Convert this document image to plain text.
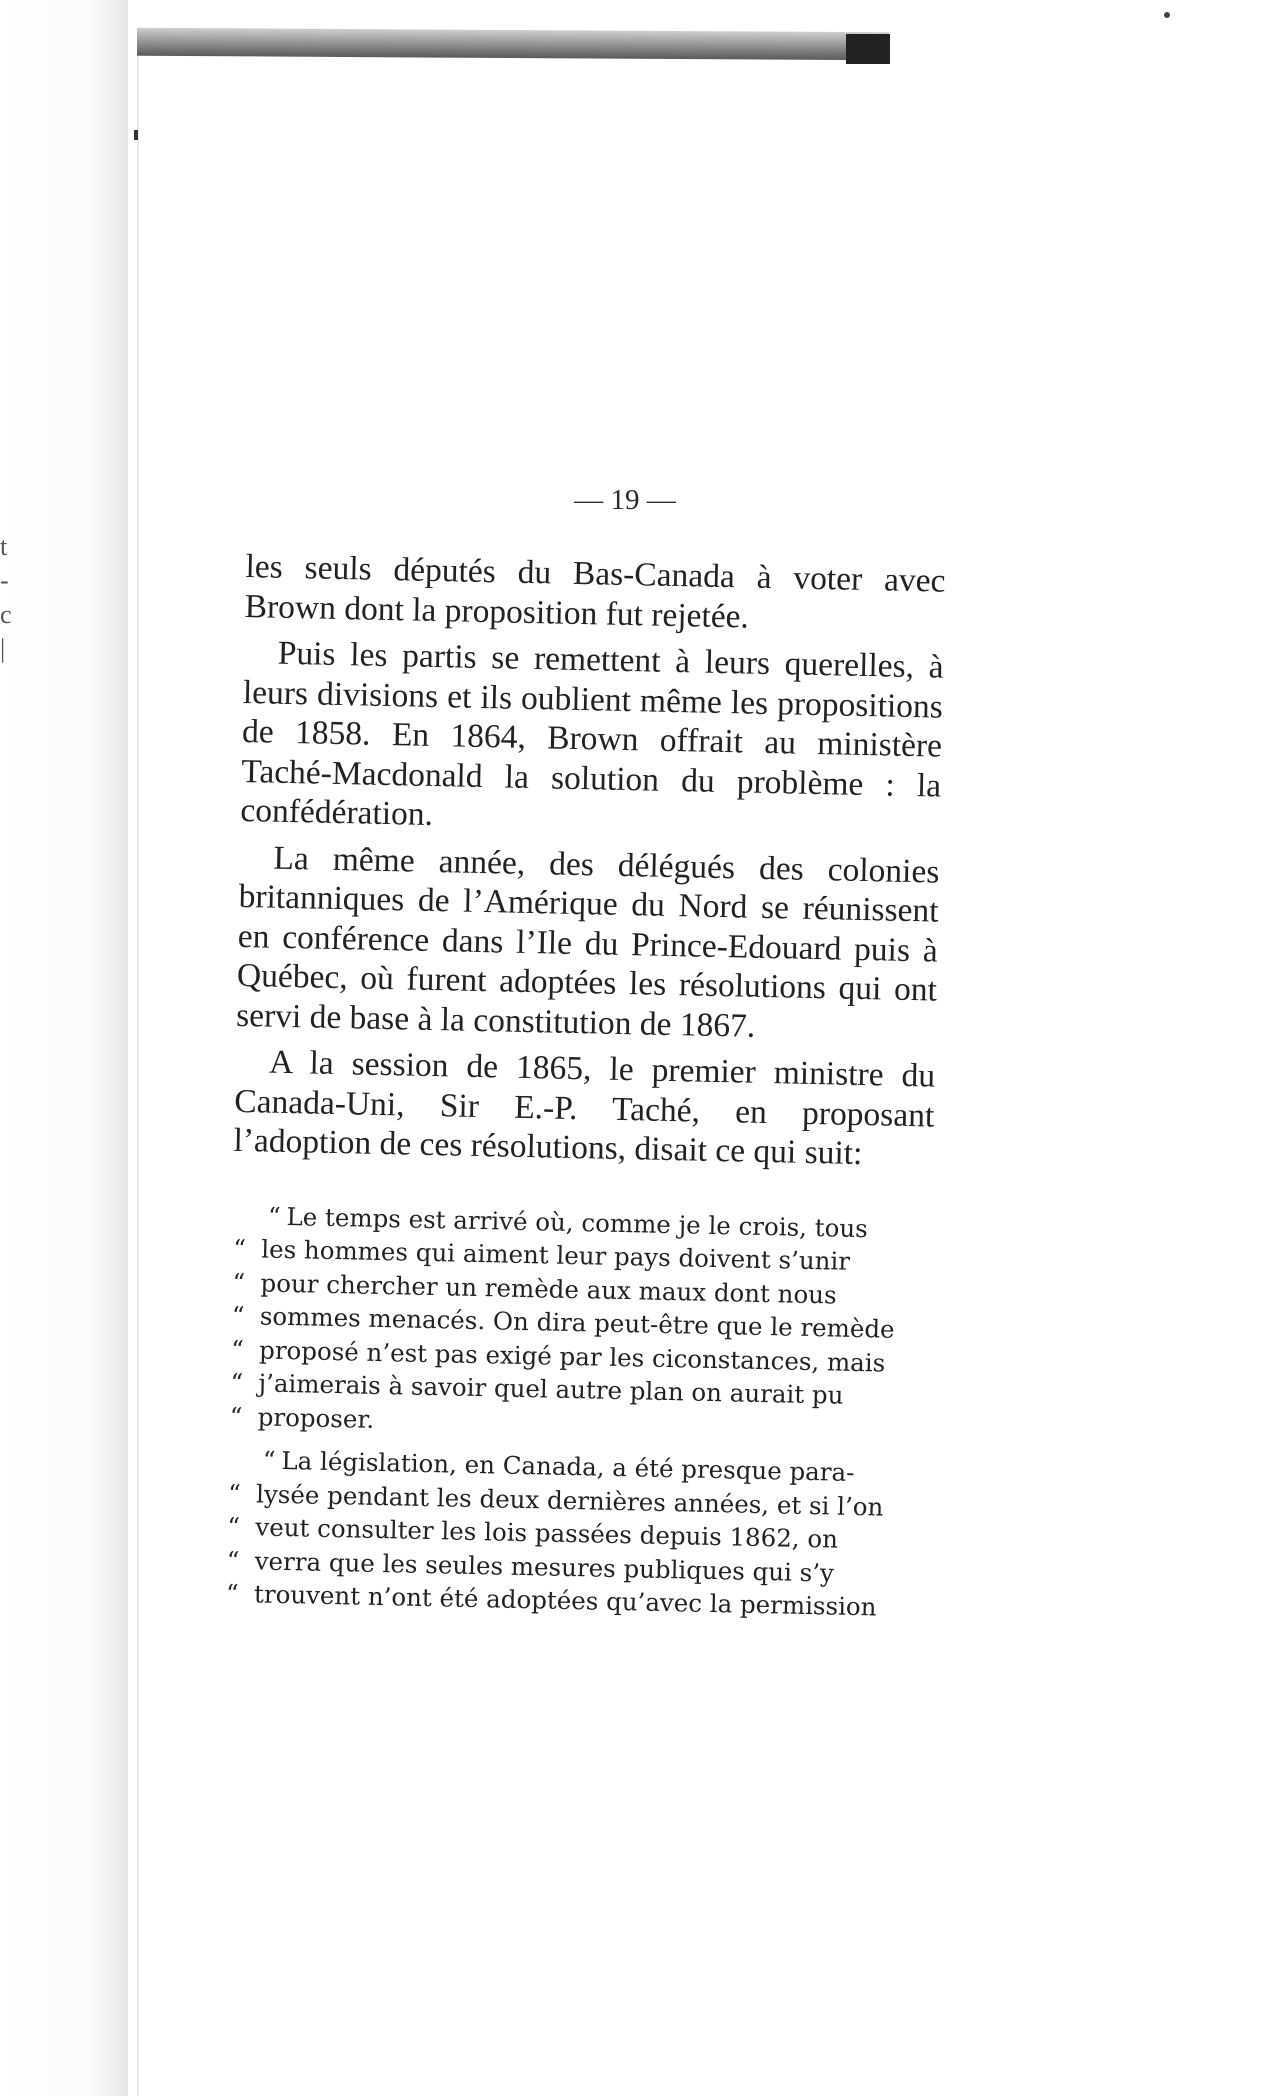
t
-
c
|
— 19 —

les seuls députés du Bas-Canada à voter avec Brown dont la proposition fut rejetée.

Puis les partis se remettent à leurs querelles, à leurs divisions et ils oublient même les propositions de 1858. En 1864, Brown offrait au ministère Taché-Macdonald la solution du problème : la confédération.

La même année, des délégués des colonies britanniques de l’Amérique du Nord se réunissent en conférence dans l’Ile du Prince-Edouard puis à Québec, où furent adoptées les résolutions qui ont servi de base à la constitution de 1867.

A la session de 1865, le premier ministre du Canada-Uni, Sir E.-P. Taché, en proposant l’adoption de ces résolutions, disait ce qui suit:

“ Le temps est arrivé où, comme je le crois, tous
“ les hommes qui aiment leur pays doivent s’unir
“ pour chercher un remède aux maux dont nous
“ sommes menacés. On dira peut-être que le remède
“ proposé n’est pas exigé par les ciconstances, mais
“ j’aimerais à savoir quel autre plan on aurait pu
“ proposer.
“ La législation, en Canada, a été presque para-
“ lysée pendant les deux dernières années, et si l’on
“ veut consulter les lois passées depuis 1862, on
“ verra que les seules mesures publiques qui s’y
“ trouvent n’ont été adoptées qu’avec la permission
